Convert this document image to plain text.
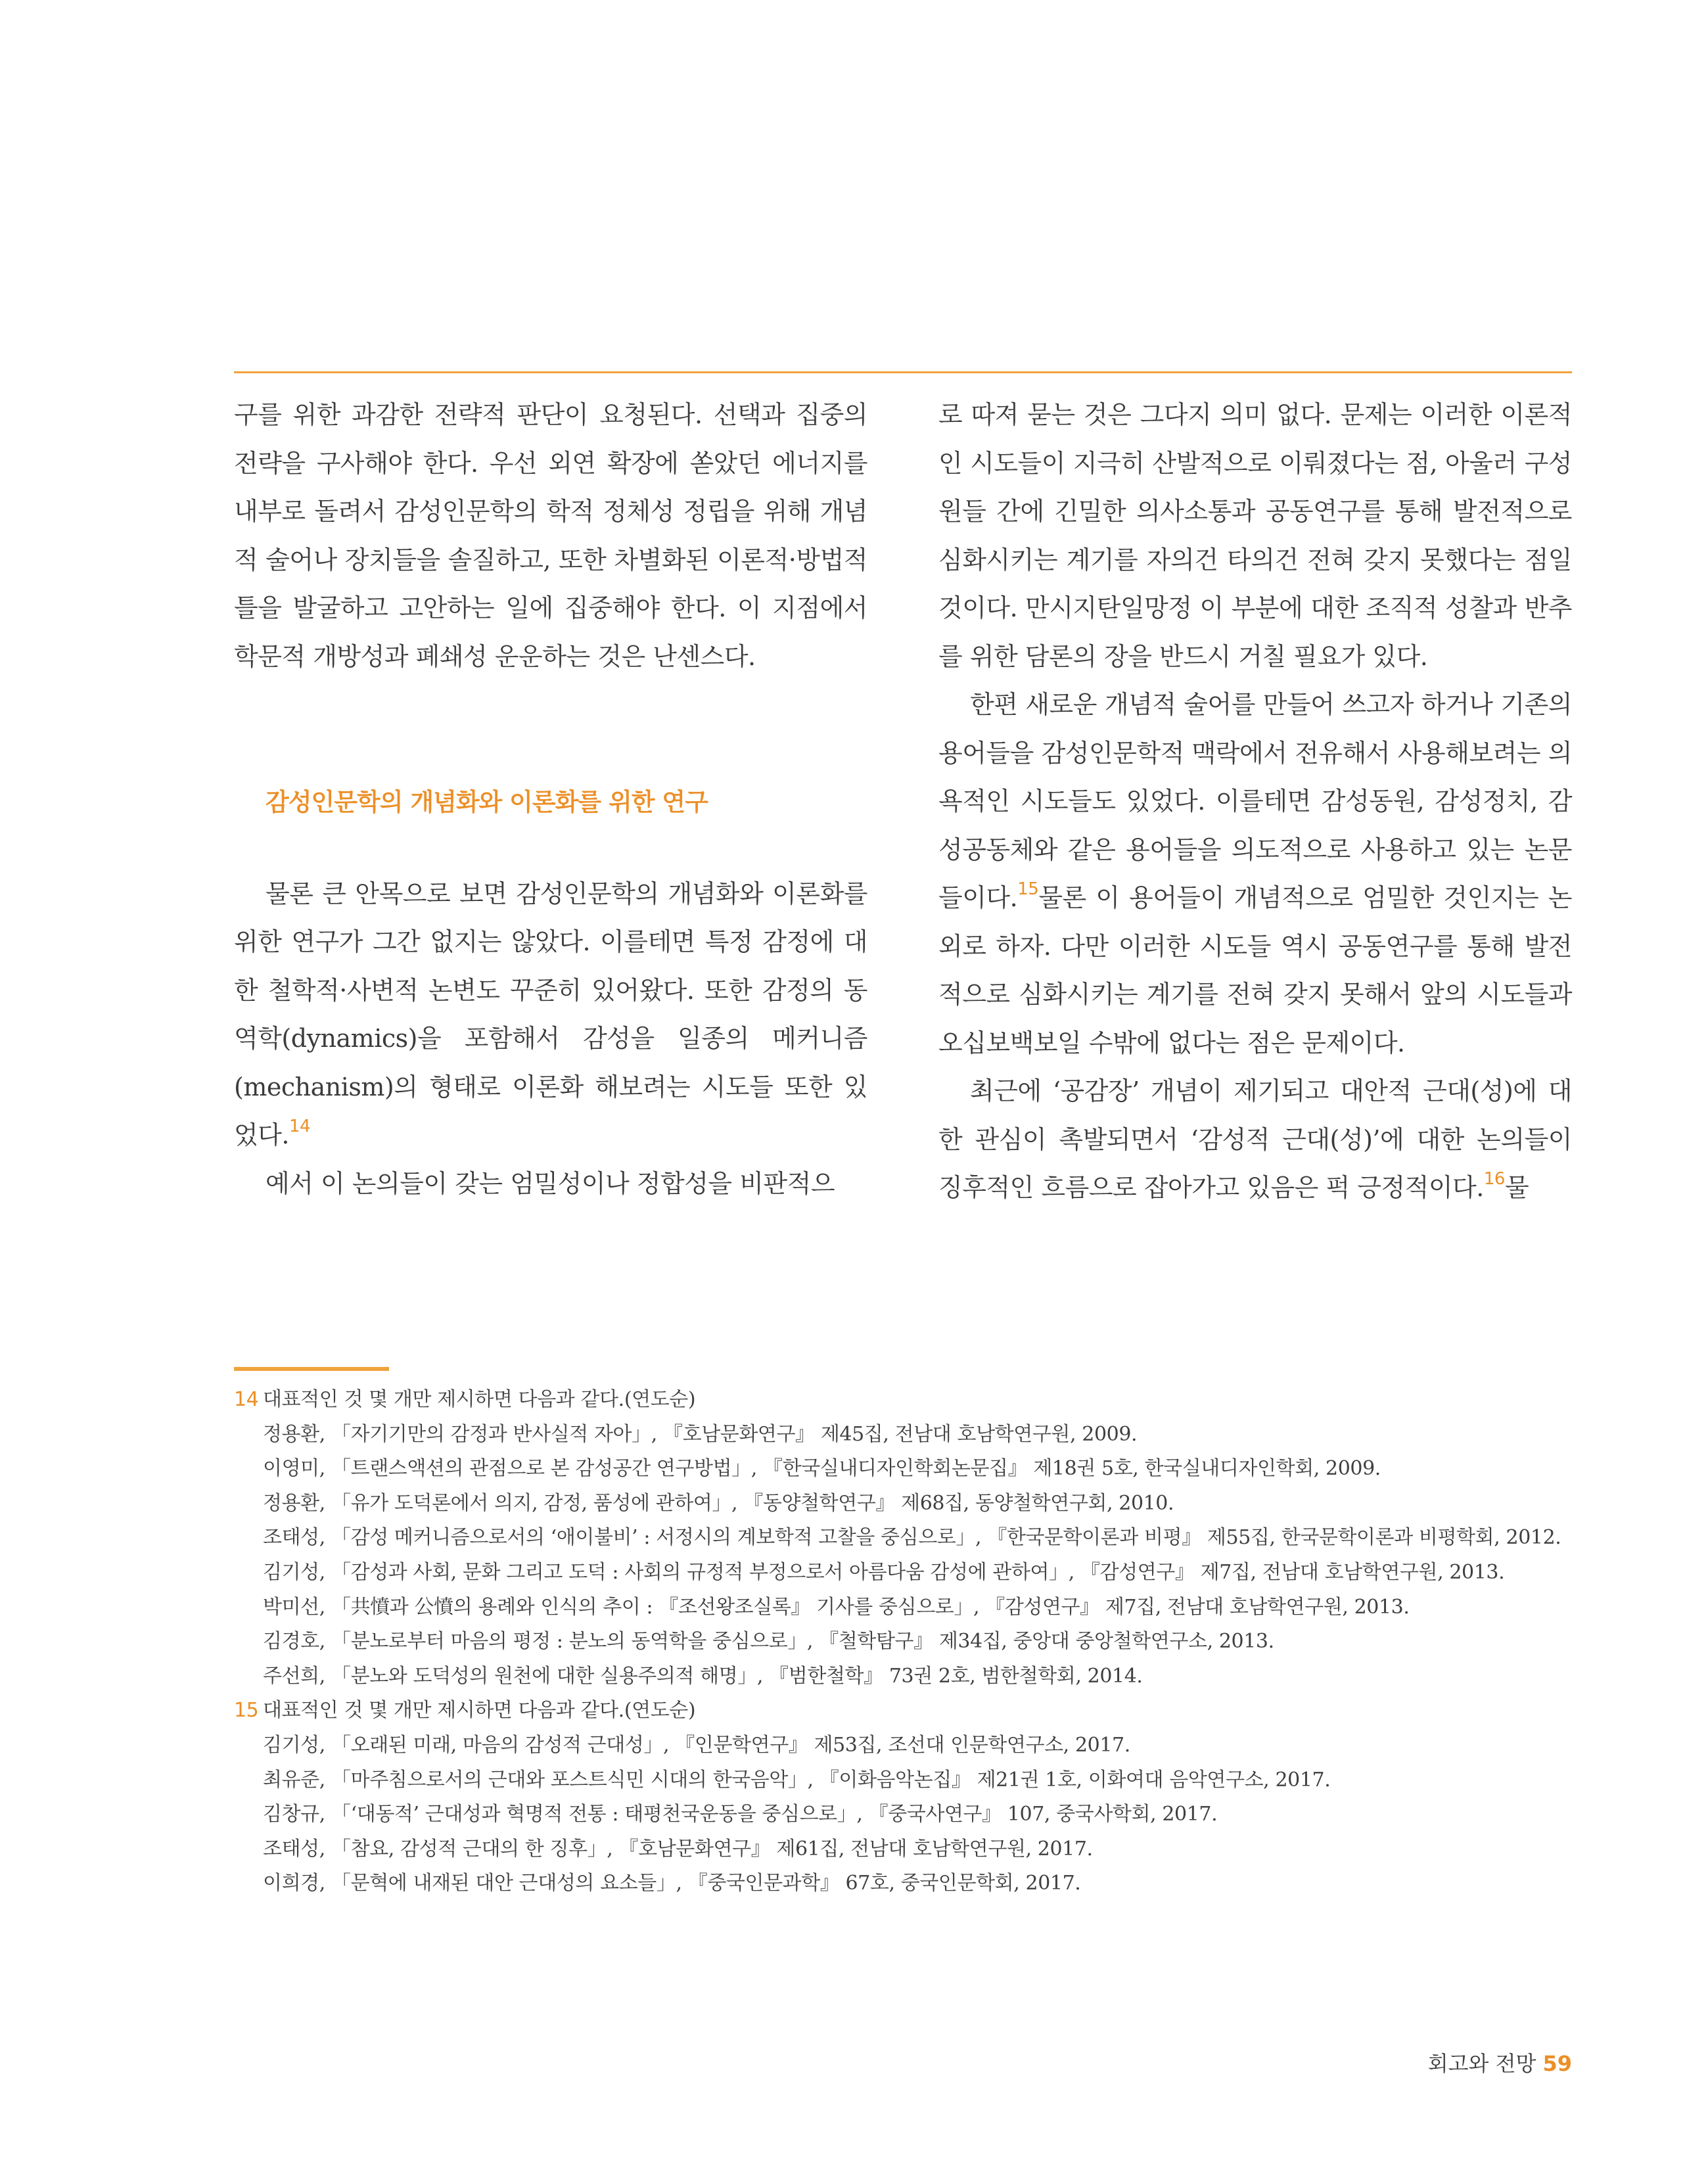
구를 위한 과감한 전략적 판단이 요청된다. 선택과 집중의 전략을 구사해야 한다. 우선 외연 확장에 쏟았던 에너지를 내부로 돌려서 감성인문학의 학적 정체성 정립을 위해 개념적 술어나 장치들을 솔질하고, 또한 차별화된 이론적·방법적 틀을 발굴하고 고안하는 일에 집중해야 한다. 이 지점에서 학문적 개방성과 폐쇄성 운운하는 것은 난센스다.

감성인문학의 개념화와 이론화를 위한 연구

물론 큰 안목으로 보면 감성인문학의 개념화와 이론화를 위한 연구가 그간 없지는 않았다. 이를테면 특정 감정에 대한 철학적·사변적 논변도 꾸준히 있어왔다. 또한 감정의 동역학(dynamics)을 포함해서 감성을 일종의 메커니즘(mechanism)의 형태로 이론화 해보려는 시도들 또한 있었다.$^{14}$

예서 이 논의들이 갖는 엄밀성이나 정합성을 비판적으

로 따져 묻는 것은 그다지 의미 없다. 문제는 이러한 이론적인 시도들이 지극히 산발적으로 이뤄졌다는 점, 아울러 구성원들 간에 긴밀한 의사소통과 공동연구를 통해 발전적으로 심화시키는 계기를 자의건 타의건 전혀 갖지 못했다는 점일 것이다. 만시지탄일망정 이 부분에 대한 조직적 성찰과 반추를 위한 담론의 장을 반드시 거칠 필요가 있다.

한편 새로운 개념적 술어를 만들어 쓰고자 하거나 기존의 용어들을 감성인문학적 맥락에서 전유해서 사용해보려는 의욕적인 시도들도 있었다. 이를테면 감성동원, 감성정치, 감성공동체와 같은 용어들을 의도적으로 사용하고 있는 논문들이다.$^{15}$물론 이 용어들이 개념적으로 엄밀한 것인지는 논외로 하자. 다만 이러한 시도들 역시 공동연구를 통해 발전적으로 심화시키는 계기를 전혀 갖지 못해서 앞의 시도들과 오십보백보일 수밖에 없다는 점은 문제이다.

최근에 ‘공감장’ 개념이 제기되고 대안적 근대(성)에 대한 관심이 촉발되면서 ‘감성적 근대(성)’에 대한 논의들이 징후적인 흐름으로 잡아가고 있음은 퍽 긍정적이다.$^{16}$물

14 대표적인 것 몇 개만 제시하면 다음과 같다.(연도순)
정용환, 「자기기만의 감정과 반사실적 자아」, 『호남문화연구』 제45집, 전남대 호남학연구원, 2009.
이영미, 「트랜스액션의 관점으로 본 감성공간 연구방법」, 『한국실내디자인학회논문집』 제18권 5호, 한국실내디자인학회, 2009.
정용환, 「유가 도덕론에서 의지, 감정, 품성에 관하여」, 『동양철학연구』 제68집, 동양철학연구회, 2010.
조태성, 「감성 메커니즘으로서의 ‘애이불비’ : 서정시의 계보학적 고찰을 중심으로」, 『한국문학이론과 비평』 제55집, 한국문학이론과 비평학회, 2012.
김기성, 「감성과 사회, 문화 그리고 도덕 : 사회의 규정적 부정으로서 아름다움 감성에 관하여」, 『감성연구』 제7집, 전남대 호남학연구원, 2013.
박미선, 「共憤과 公憤의 용례와 인식의 추이 : 『조선왕조실록』 기사를 중심으로」, 『감성연구』 제7집, 전남대 호남학연구원, 2013.
김경호, 「분노로부터 마음의 평정 : 분노의 동역학을 중심으로」, 『철학탐구』 제34집, 중앙대 중앙철학연구소, 2013.
주선희, 「분노와 도덕성의 원천에 대한 실용주의적 해명」, 『범한철학』 73권 2호, 범한철학회, 2014.
15 대표적인 것 몇 개만 제시하면 다음과 같다.(연도순)
김기성, 「오래된 미래, 마음의 감성적 근대성」, 『인문학연구』 제53집, 조선대 인문학연구소, 2017.
최유준, 「마주침으로서의 근대와 포스트식민 시대의 한국음악」, 『이화음악논집』 제21권 1호, 이화여대 음악연구소, 2017.
김창규, 「‘대동적’ 근대성과 혁명적 전통 : 태평천국운동을 중심으로」, 『중국사연구』 107, 중국사학회, 2017.
조태성, 「참요, 감성적 근대의 한 징후」, 『호남문화연구』 제61집, 전남대 호남학연구원, 2017.
이희경, 「문혁에 내재된 대안 근대성의 요소들」, 『중국인문과학』 67호, 중국인문학회, 2017.
회고와 전망 59
